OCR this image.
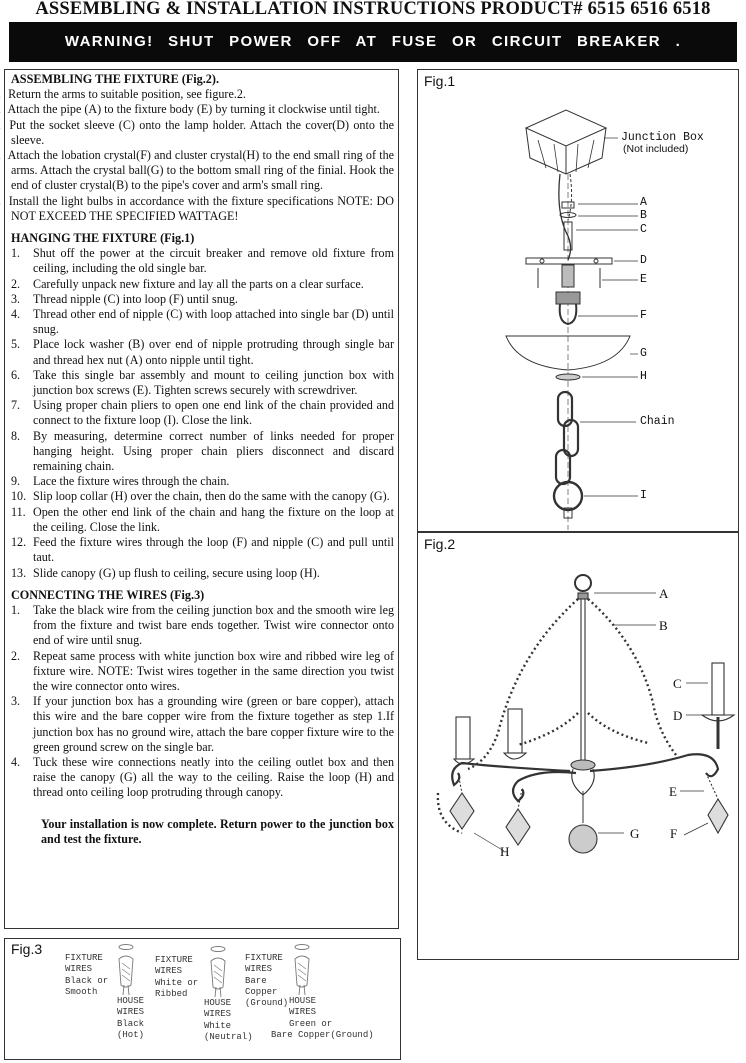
ASSEMBLING & INSTALLATION INSTRUCTIONS PRODUCT# 6515 6516 6518
WARNING! SHUT POWER OFF AT FUSE OR CIRCUIT BREAKER .
ASSEMBLING THE FIXTURE (Fig.2).
Return the arms to suitable position, see figure.2.
Attach the pipe (A) to the fixture body (E) by turning it clockwise until tight.
Put the socket sleeve (C) onto the lamp holder. Attach the cover(D) onto the sleeve.
Attach the lobation crystal(F) and cluster crystal(H) to the end small ring of the arms. Attach the crystal ball(G) to the bottom small ring of the finial. Hook the end of cluster crystal(B) to the pipe's cover and arm's small ring.
Install the light bulbs in accordance with the fixture specifications NOTE: DO NOT EXCEED THE SPECIFIED WATTAGE!
HANGING THE FIXTURE (Fig.1)
1.	Shut off the power at the circuit breaker and remove old fixture from ceiling, including the old single bar.
2.	Carefully unpack new fixture and lay all the parts on a clear surface.
3.	Thread nipple (C) into loop (F) until snug.
4.	Thread other end of nipple (C) with loop attached into single bar (D) until snug.
5.	Place lock washer (B) over end of nipple protruding through single bar and thread hex nut (A) onto nipple until tight.
6.	Take this single bar assembly and mount to ceiling junction box with junction box screws (E). Tighten screws securely with screwdriver.
7.	Using proper chain pliers to open one end link of the chain provided and connect to the fixture loop (I). Close the link.
8.	By measuring, determine correct number of links needed for proper hanging height. Using proper chain pliers disconnect and discard remaining chain.
9.	Lace the fixture wires through the chain.
10. Slip loop collar (H) over the chain, then do the same with the canopy (G).
11. Open the other end link of the chain and hang the fixture on the loop at the ceiling. Close the link.
12. Feed the fixture wires through the loop (F) and nipple (C) and pull until taut.
13. Slide canopy (G) up flush to ceiling, secure using loop (H).
CONNECTING THE WIRES (Fig.3)
1.	Take the black wire from the ceiling junction box and the smooth wire leg from the fixture and twist bare ends together. Twist wire connector onto end of wire until snug.
2.	Repeat same process with white junction box wire and ribbed wire leg of fixture wire. NOTE: Twist wires together in the same direction you twist the wire connector onto wires.
3.	If your junction box has a grounding wire (green or bare copper), attach this wire and the bare copper wire from the fixture together as step 1.If junction box has no ground wire, attach the bare copper fixture wire to the green ground screw on the single bar.
4.	Tuck these wire connections neatly into the ceiling outlet box and then raise the canopy (G) all the way to the ceiling. Raise the loop (H) and thread onto ceiling loop protruding through canopy.
Your installation is now complete. Return power to the junction box and test the fixture.
Fig.1
Junction Box
(Not included)
A
B
C
D
E
F
G
H
Chain
I
Fig.2
A
B
C
D
E
F
G
H
Fig.3
FIXTURE
WIRES
Black or
Smooth
HOUSE
WIRES
Black
(Hot)
FIXTURE
WIRES
White or
Ribbed
HOUSE
WIRES
White
(Neutral)
FIXTURE
WIRES
Bare
Copper
(Ground) HOUSE
WIRES
Green or
Bare Copper(Ground)
